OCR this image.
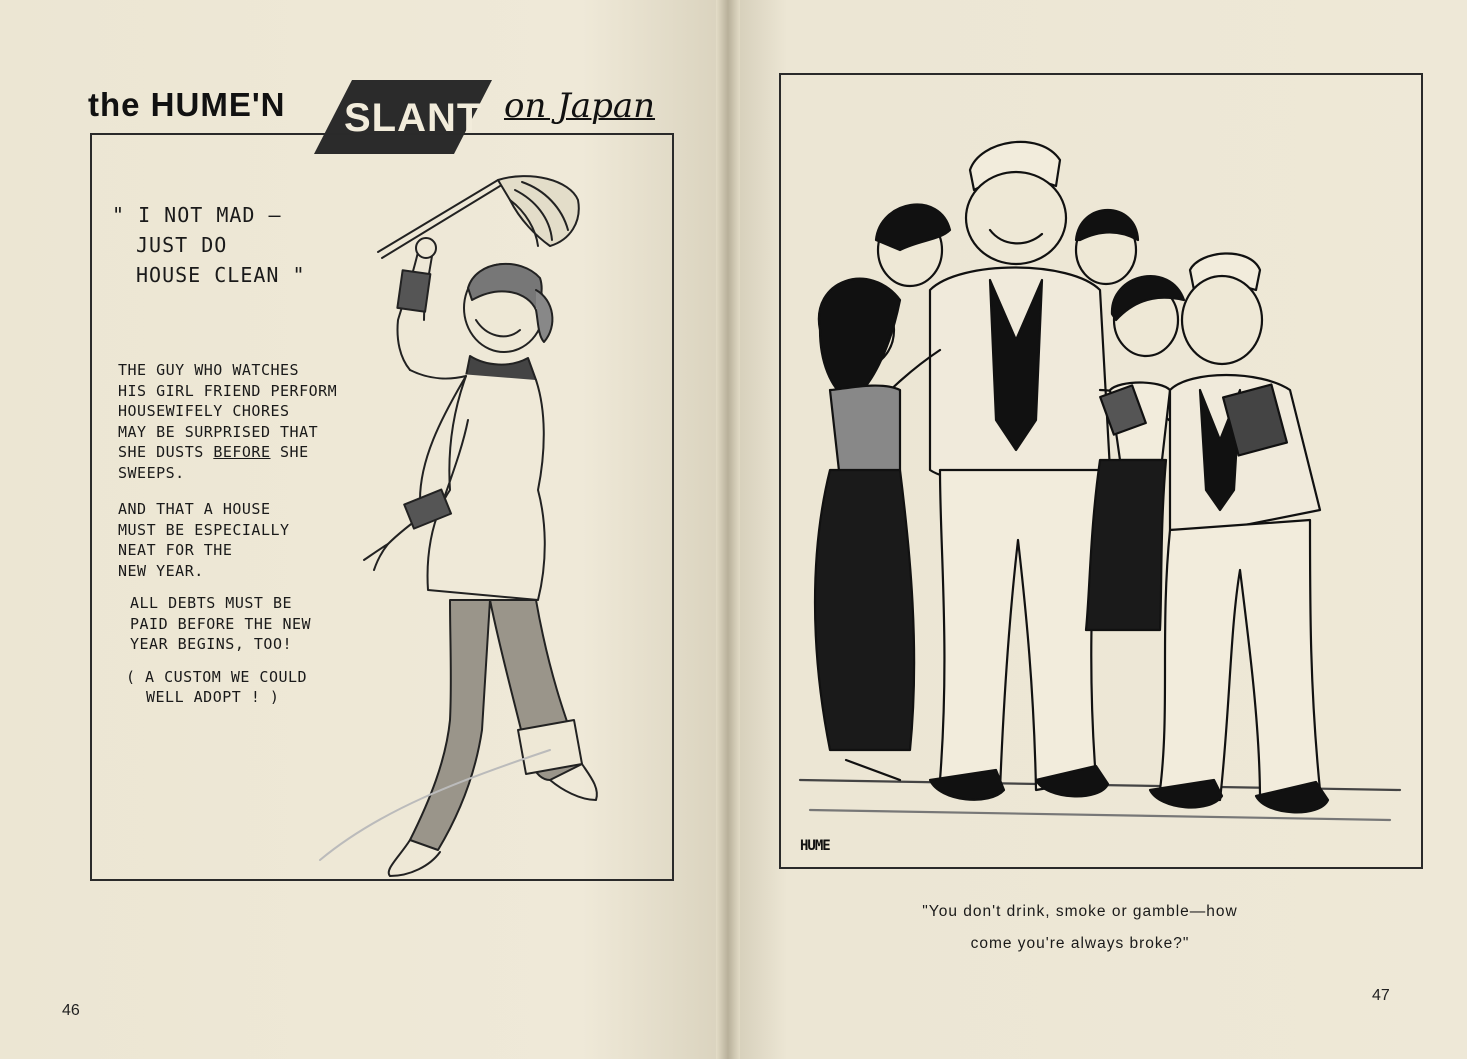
the HUME'N SLANT on Japan
" I NOT MAD —
JUST DO
HOUSE CLEAN "

THE GUY WHO WATCHES
HIS GIRL FRIEND PERFORM
HOUSEWIFELY CHORES
MAY BE SURPRISED THAT
SHE DUSTS BEFORE SHE
SWEEPS.

AND THAT A HOUSE
MUST BE ESPECIALLY
NEAT FOR THE
NEW YEAR.

ALL DEBTS MUST BE
PAID BEFORE THE NEW
YEAR BEGINS, TOO!

( A CUSTOM WE COULD
WELL ADOPT ! )

46
HUME
"You don't drink, smoke or gamble—how
come you're always broke?"
47
